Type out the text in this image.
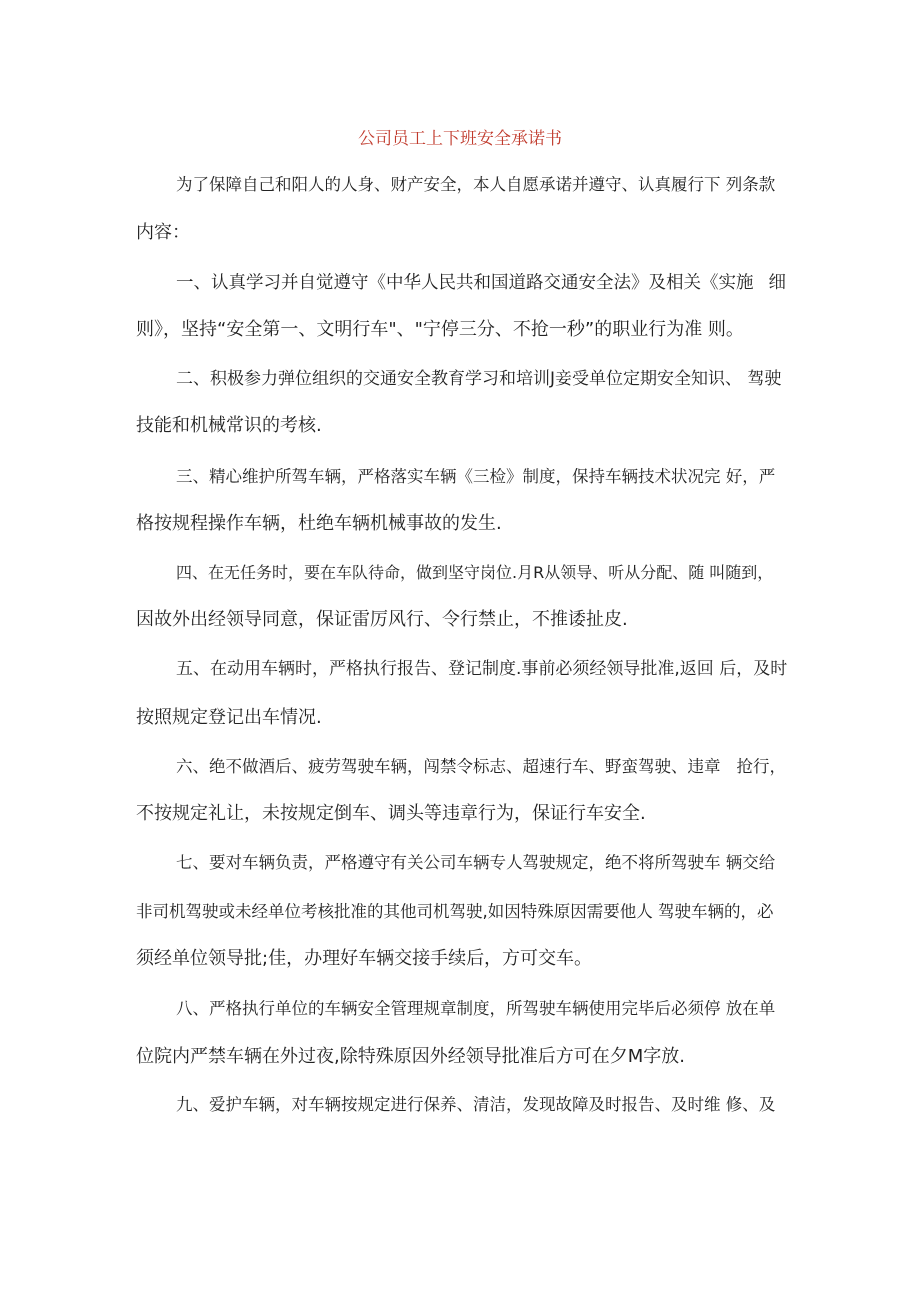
公司员工上下班安全承诺书

为了保障自己和阳人的人身、财产安全，本人自愿承诺并遵守、认真履行下 列条款

内容：

一、认真学习并自觉遵守《中华人民共和国道路交通安全法》及相关《实施 细

则》，坚持“安全第一、文明行车"、"宁停三分、不抢一秒”的职业行为准 则。

二、积极参力弹位组织的交通安全教育学习和培训J妾受单位定期安全知识、 驾驶

技能和机械常识的考核.

三、精心维护所驾车辆，严格落实车辆《三检》制度，保持车辆技术状况完 好，严

格按规程操作车辆，杜绝车辆机械事故的发生.

四、在无任务时，要在车队待命，做到坚守岗位.月R从领导、听从分配、随 叫随到，

因故外出经领导同意，保证雷厉风行、令行禁止，不推诿扯皮.

五、在动用车辆时，严格执行报告、登记制度.事前必须经领导批准,返回 后，及时

按照规定登记出车情况.

六、绝不做酒后、疲劳驾驶车辆，闯禁令标志、超速行车、野蛮驾驶、违章 抢行，

不按规定礼让，未按规定倒车、调头等违章行为，保证行车安全.

七、要对车辆负责，严格遵守有关公司车辆专人驾驶规定，绝不将所驾驶车 辆交给

非司机驾驶或未经单位考核批准的其他司机驾驶,如因特殊原因需要他人 驾驶车辆的，必

须经单位领导批;佳，办理好车辆交接手续后，方可交车。

八、严格执行单位的车辆安全管理规章制度，所驾驶车辆使用完毕后必须停 放在单

位院内严禁车辆在外过夜,除特殊原因外经领导批准后方可在夕M字放.

九、爱护车辆，对车辆按规定进行保养、清洁，发现故障及时报告、及时维 修、及
